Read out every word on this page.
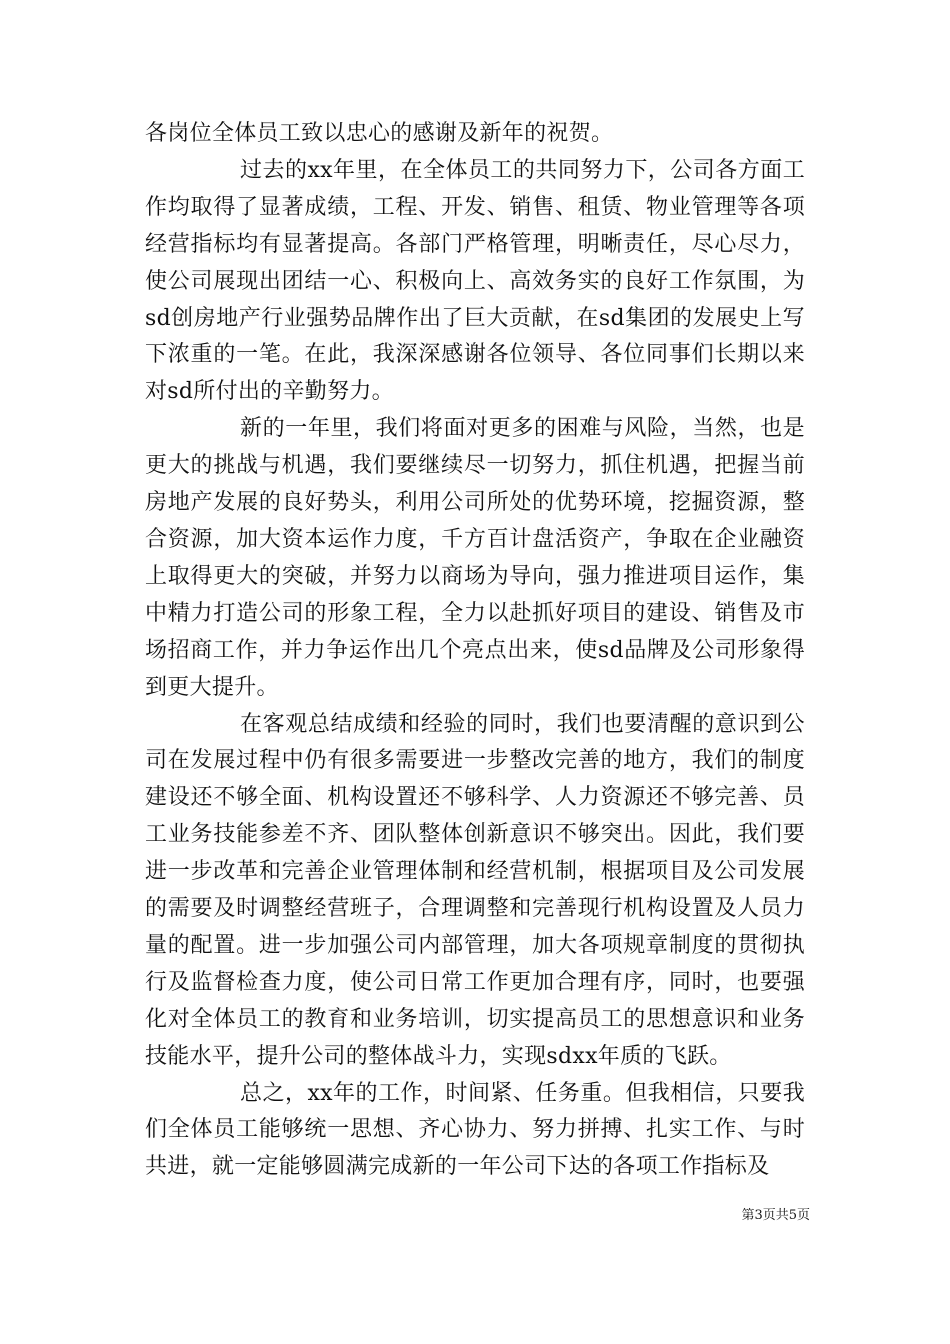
各岗位全体员工致以忠心的感谢及新年的祝贺。

过去的xx年里，在全体员工的共同努力下，公司各方面工作均取得了显著成绩，工程、开发、销售、租赁、物业管理等各项经营指标均有显著提高。各部门严格管理，明晰责任，尽心尽力，使公司展现出团结一心、积极向上、高效务实的良好工作氛围，为sd创房地产行业强势品牌作出了巨大贡献，在sd集团的发展史上写下浓重的一笔。在此，我深深感谢各位领导、各位同事们长期以来对sd所付出的辛勤努力。

新的一年里，我们将面对更多的困难与风险，当然，也是更大的挑战与机遇，我们要继续尽一切努力，抓住机遇，把握当前房地产发展的良好势头，利用公司所处的优势环境，挖掘资源，整合资源，加大资本运作力度，千方百计盘活资产，争取在企业融资上取得更大的突破，并努力以商场为导向，强力推进项目运作，集中精力打造公司的形象工程，全力以赴抓好项目的建设、销售及市场招商工作，并力争运作出几个亮点出来，使sd品牌及公司形象得到更大提升。

在客观总结成绩和经验的同时，我们也要清醒的意识到公司在发展过程中仍有很多需要进一步整改完善的地方，我们的制度建设还不够全面、机构设置还不够科学、人力资源还不够完善、员工业务技能参差不齐、团队整体创新意识不够突出。因此，我们要进一步改革和完善企业管理体制和经营机制，根据项目及公司发展的需要及时调整经营班子，合理调整和完善现行机构设置及人员力量的配置。进一步加强公司内部管理，加大各项规章制度的贯彻执行及监督检查力度，使公司日常工作更加合理有序，同时，也要强化对全体员工的教育和业务培训，切实提高员工的思想意识和业务技能水平，提升公司的整体战斗力，实现sdxx年质的飞跃。

总之，xx年的工作，时间紧、任务重。但我相信，只要我们全体员工能够统一思想、齐心协力、努力拼搏、扎实工作、与时共进，就一定能够圆满完成新的一年公司下达的各项工作指标及

第3页共5页
